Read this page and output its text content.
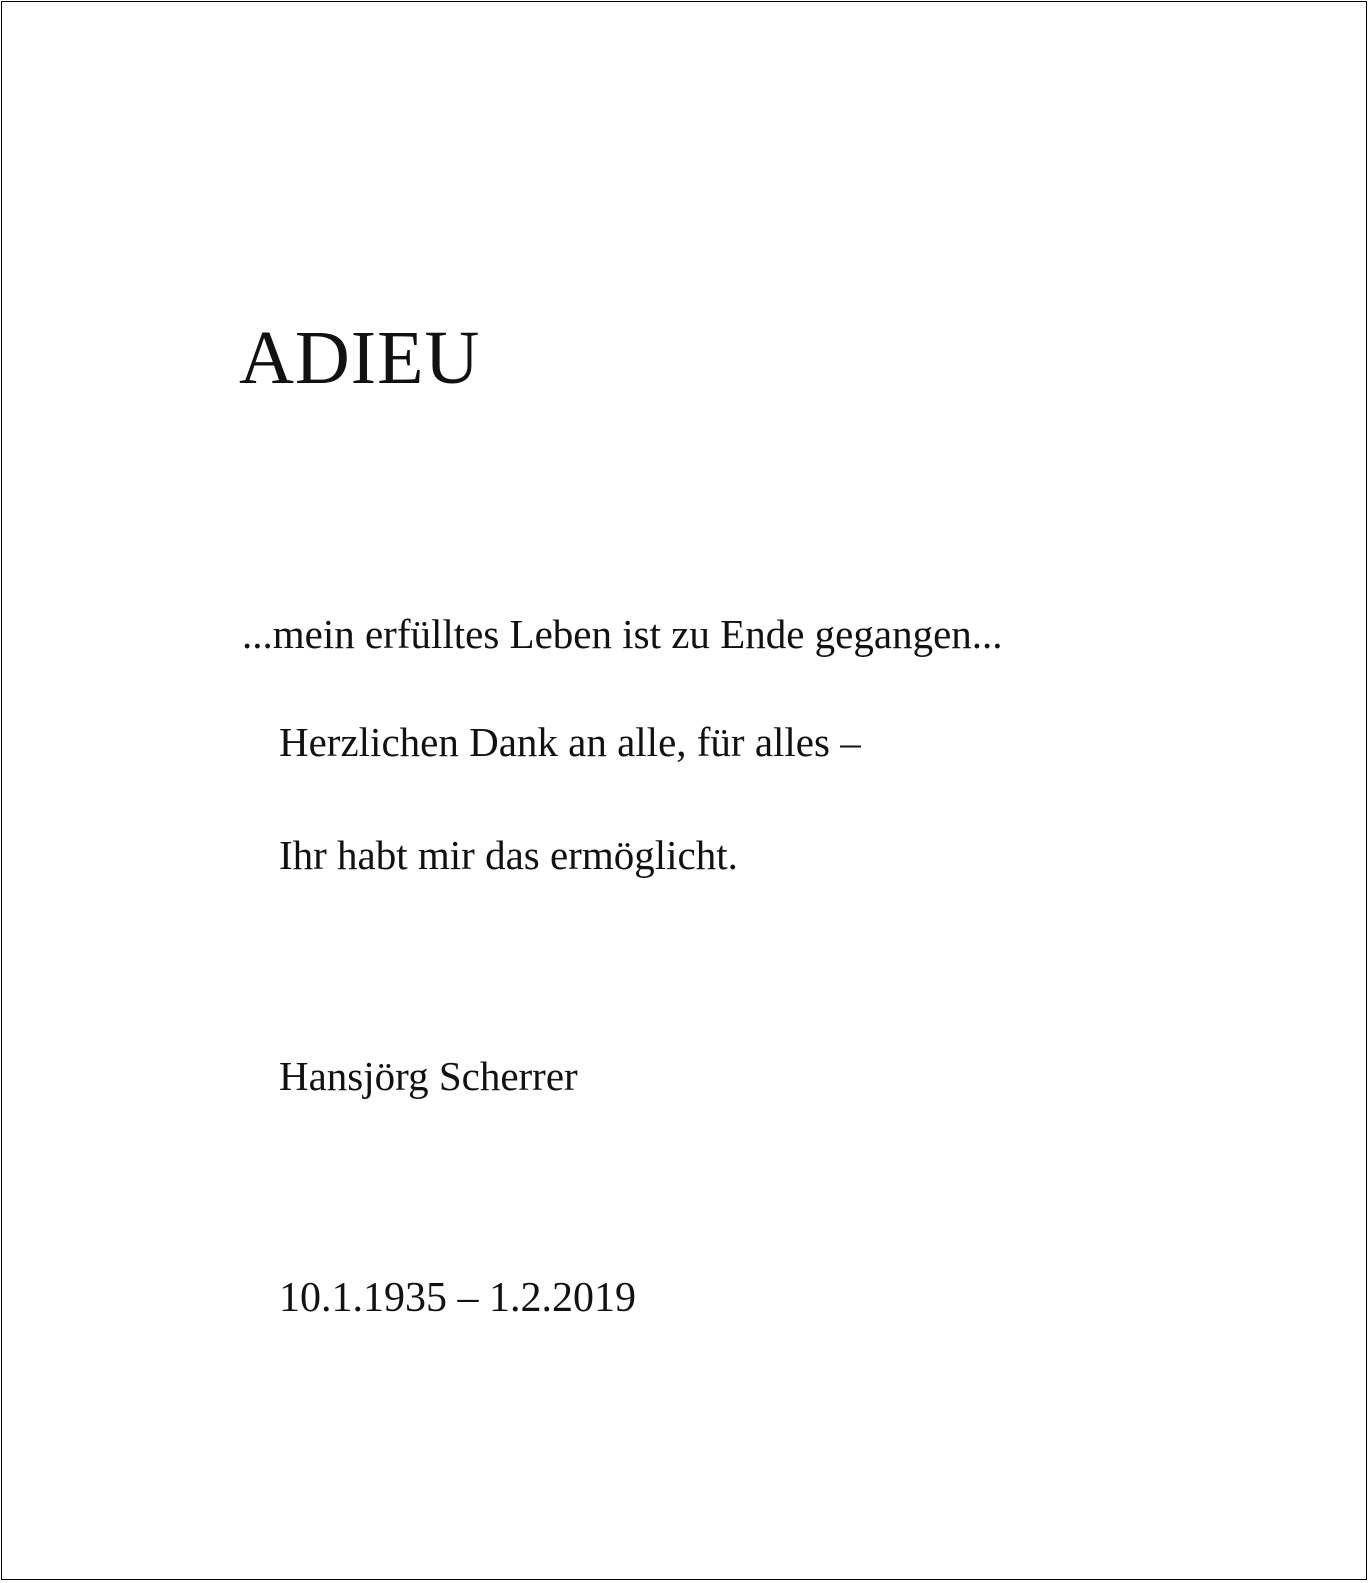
ADIEU

...mein erfülltes Leben ist zu Ende gegangen...

Herzlichen Dank an alle, für alles –

Ihr habt mir das ermöglicht.

Hansjörg Scherrer

10.1.1935 – 1.2.2019
